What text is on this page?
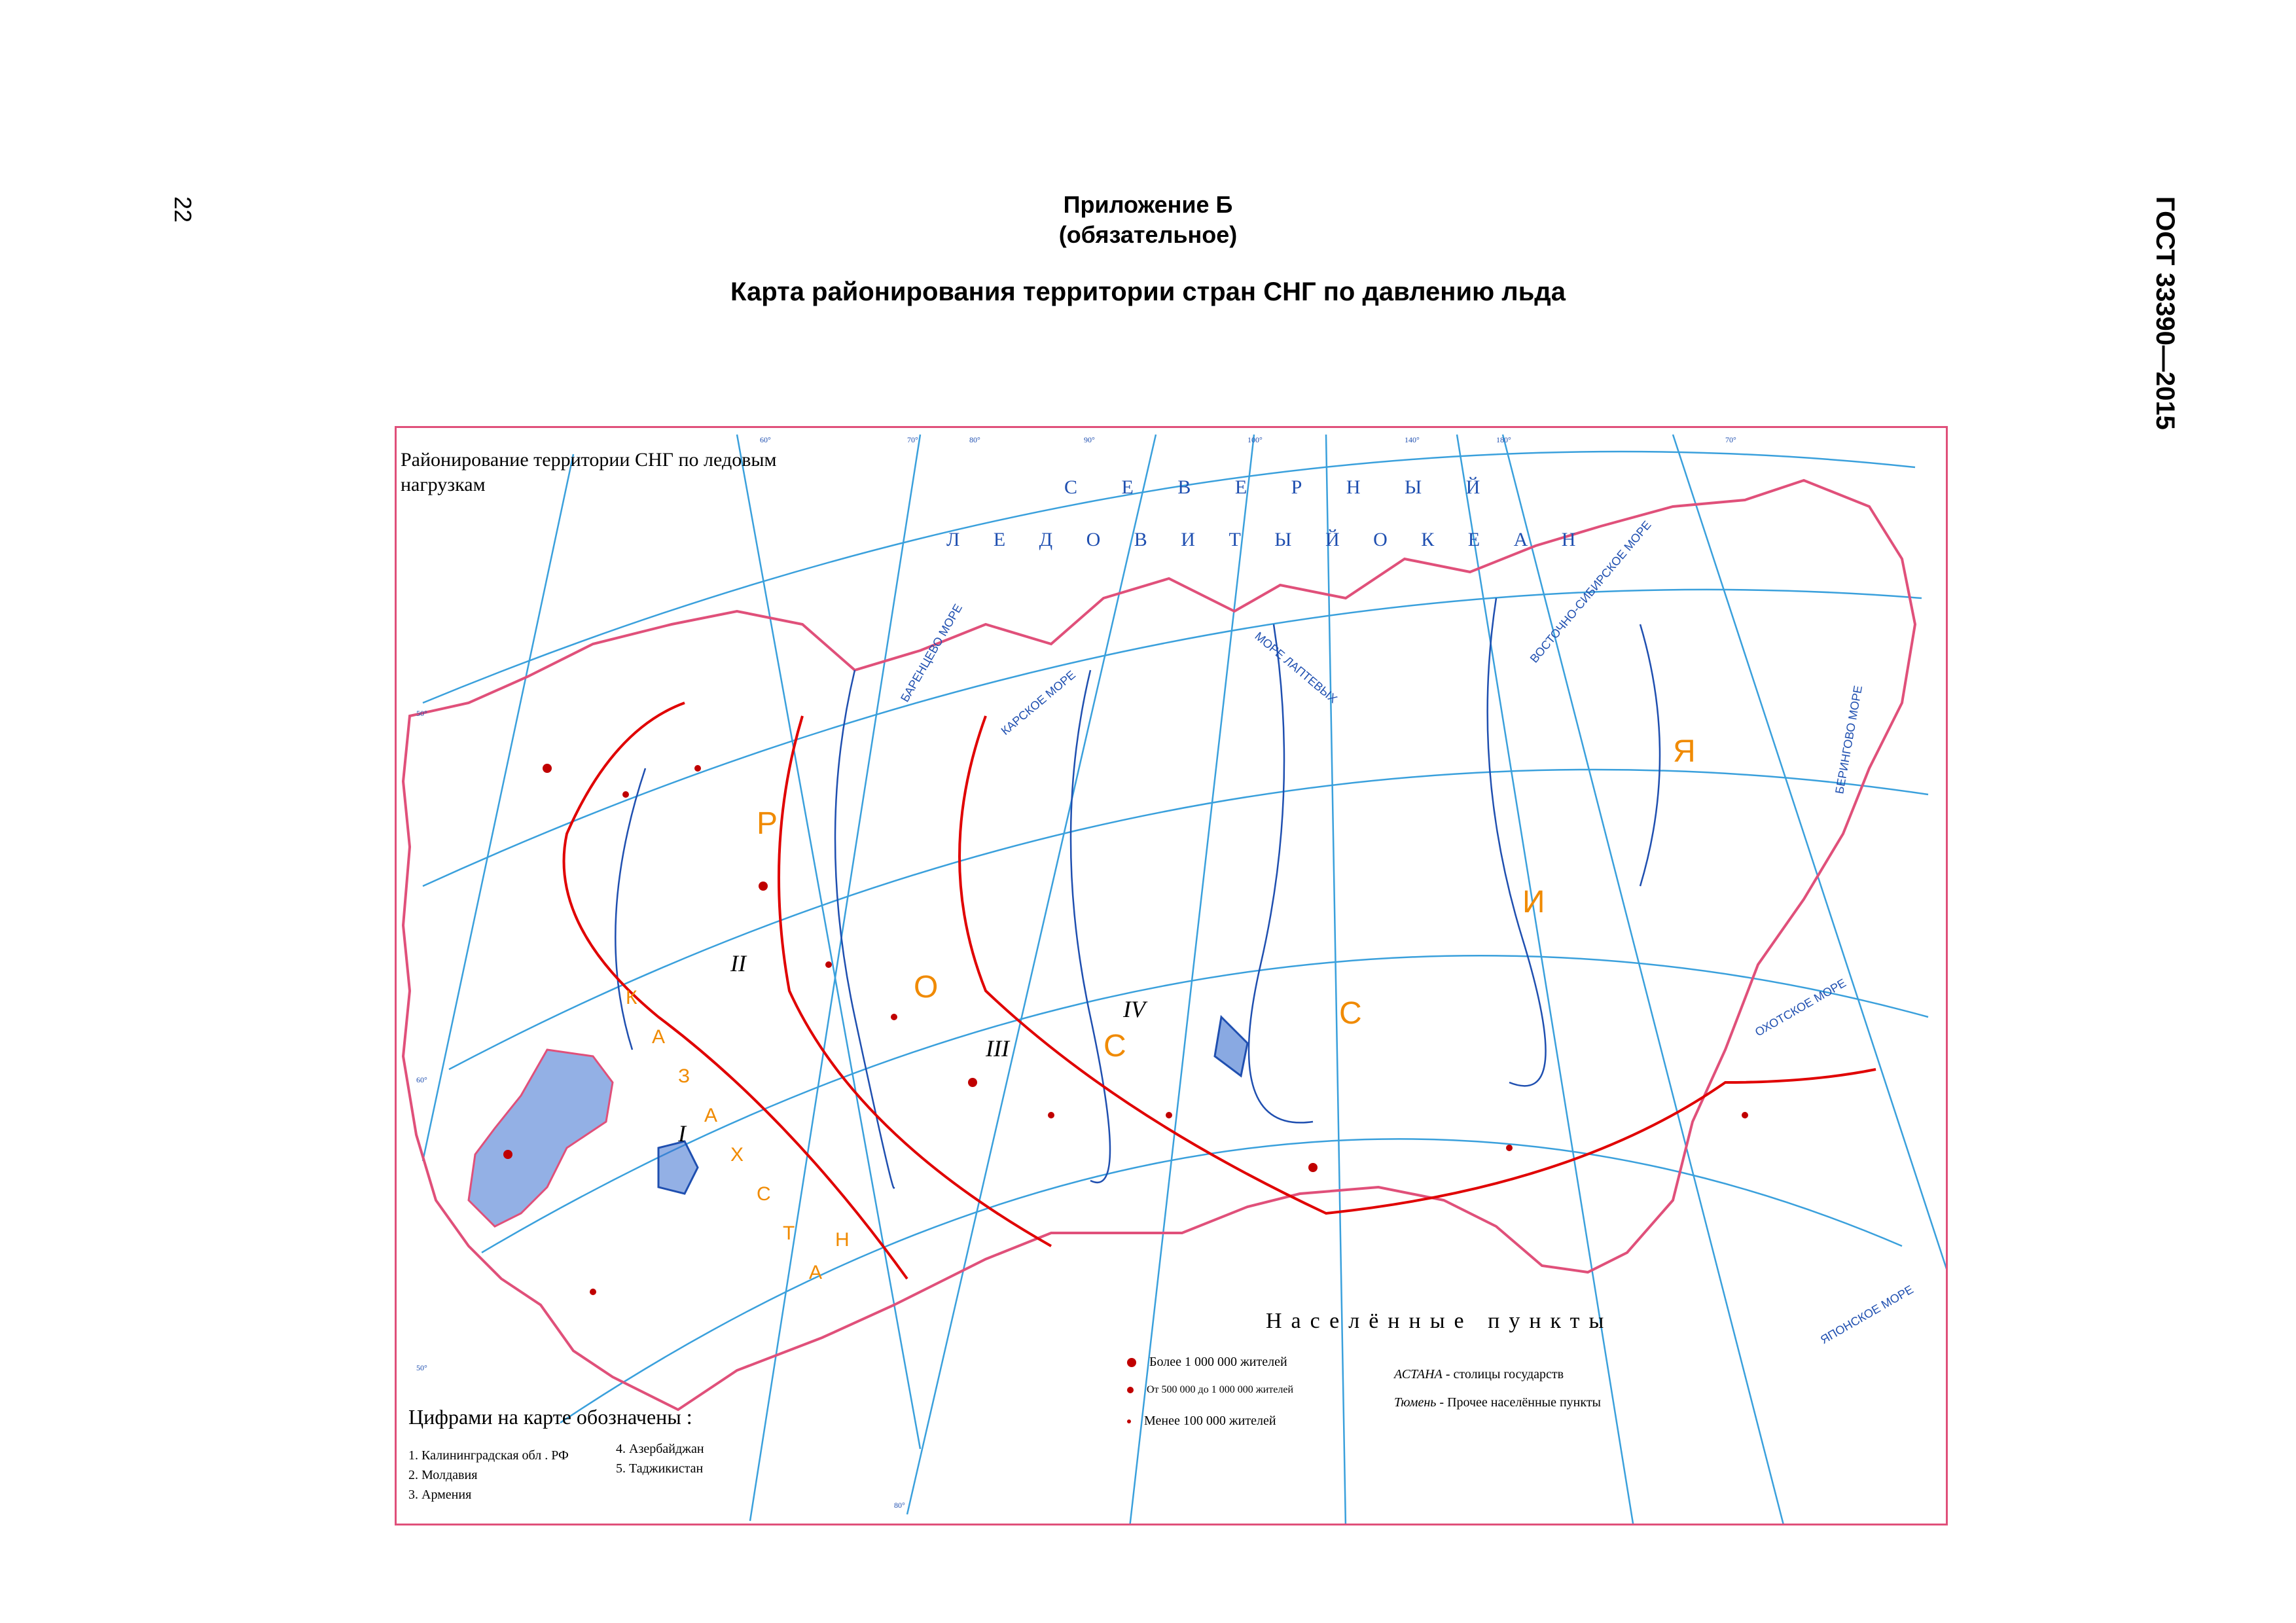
22	ГОСТ 33390—2015
Приложение Б
(обязательное)
Карта районирования территории стран СНГ по давлению льда
С Е В Е Р Н Ы Й
Л Е Д О В И Т Ы Й О К Е А Н
БАРЕНЦЕВО МОРЕ	КАРСКОЕ МОРЕ	МОРЕ ЛАПТЕВЫХ
ВОСТОЧНО-СИБИРСКОЕ МОРЕ
БЕРИНГОВО МОРЕ
ОХОТСКОЕ МОРЕ
ЯПОНСКОЕ МОРЕ
Р
О
С
С
И
Я
К
А
З
А
Х
С
Т
А
Н
I
II
III
IV
60°	70°	80°	90°	100°	140°	180°	70°
50°
60°
50°
80°
Районирование территории СНГ по ледовым нагрузкам
Населённые пункты
Более 1 000 000 жителей
От 500 000 до 1 000 000 жителей
Менее 100 000 жителей
АСТАНА - столицы государств
Тюмень - Прочее населённые пункты
Цифрами на карте обозначены :
1. Калининградская обл . РФ
2. Молдавия
3. Армения
4. Азербайджан
5. Таджикистан
